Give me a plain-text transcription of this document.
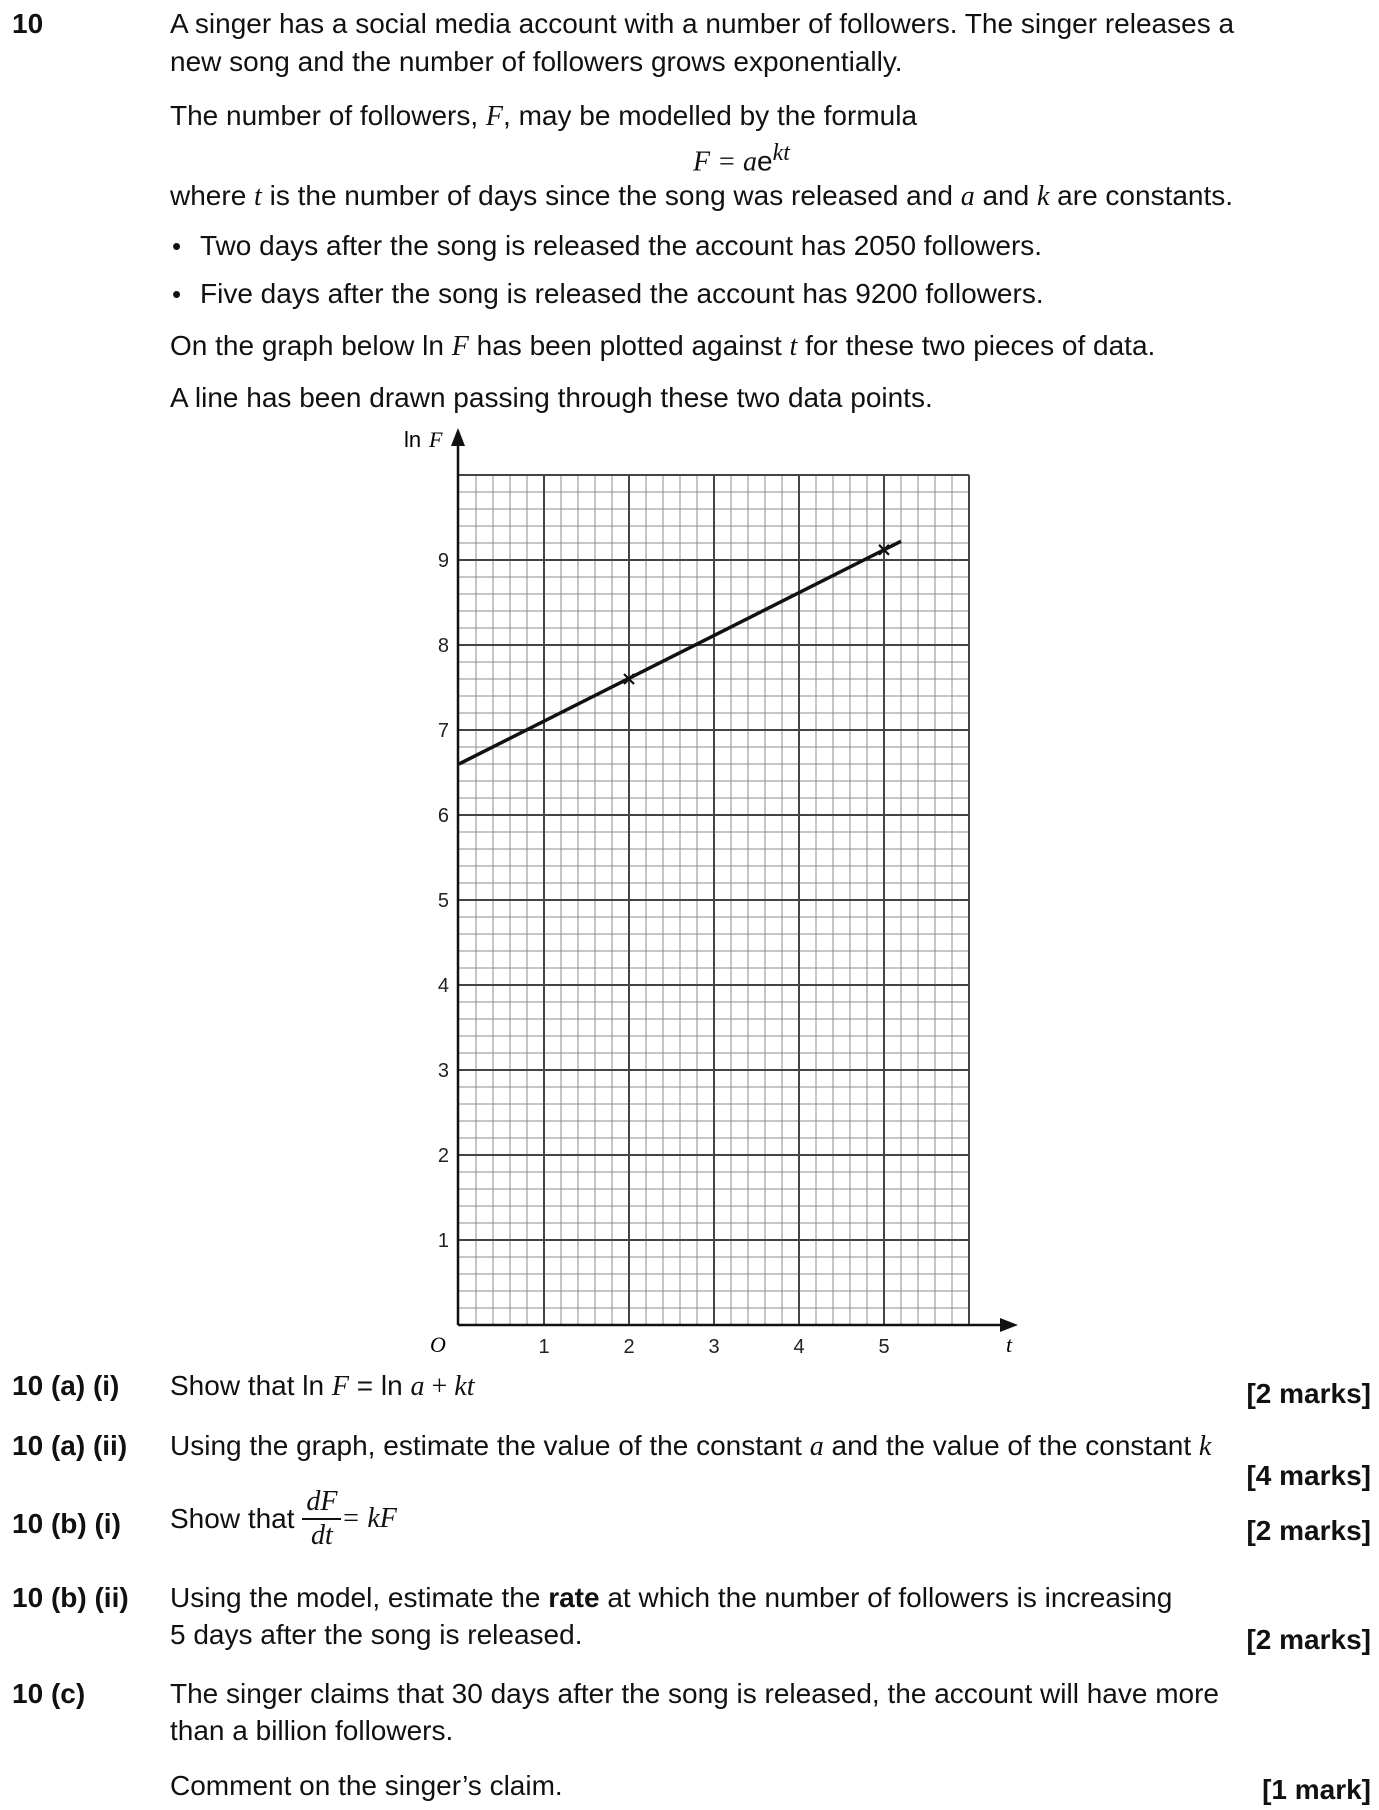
10	A singer has a social media account with a number of followers. The singer releases a
new song and the number of followers grows exponentially.
The number of followers, F, may be modelled by the formula
$F = ae^{kt}$
where t is the number of days since the song was released and a and k are constants.
• Two days after the song is released the account has 2050 followers.
• Five days after the song is released the account has 9200 followers.
On the graph below ln F has been plotted against t for these two pieces of data.
A line has been drawn passing through these two data points.
1	2	3	4	5
1
2
3
4
5
6
7
8
9
O	t
ln F
10 (a) (i) Show that ln F = ln a + kt	[2 marks]
10 (a) (ii) Using the graph, estimate the value of the constant a and the value of the constant k
[4 marks]
10 (b) (i) Show that $\frac{dF}{dt}$ = kF	[2 marks]
10 (b) (ii) Using the model, estimate the rate at which the number of followers is increasing
5 days after the song is released.	[2 marks]
10 (c)	The singer claims that 30 days after the song is released, the account will have more
than a billion followers.
Comment on the singer’s claim.	[1 mark]
